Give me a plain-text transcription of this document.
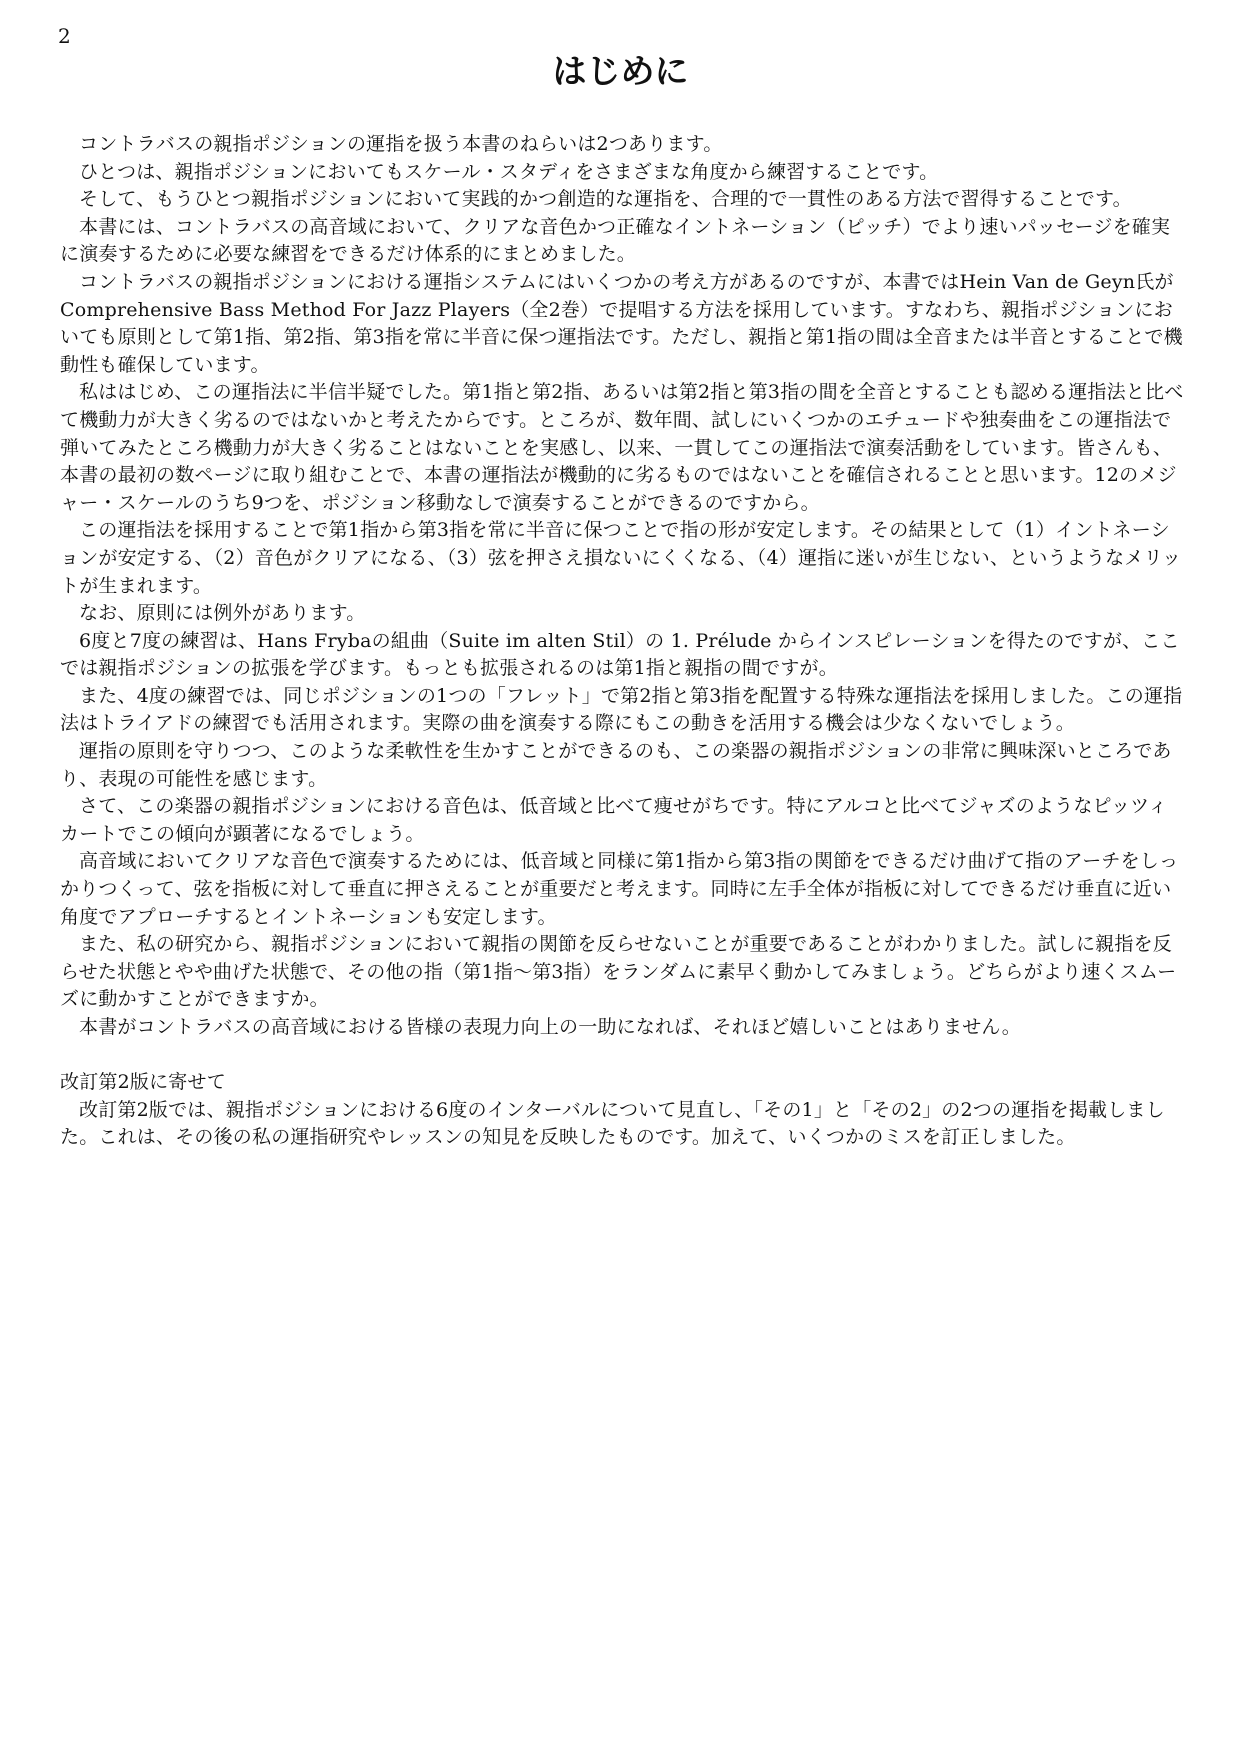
2
はじめに

コントラバスの親指ポジションの運指を扱う本書のねらいは2つあります。

ひとつは、親指ポジションにおいてもスケール・スタディをさまざまな角度から練習することです。

そして、もうひとつ親指ポジションにおいて実践的かつ創造的な運指を、合理的で一貫性のある方法で習得することです。

本書には、コントラバスの高音域において、クリアな音色かつ正確なイントネーション（ピッチ）でより速いパッセージを確実に演奏するために必要な練習をできるだけ体系的にまとめました。

コントラバスの親指ポジションにおける運指システムにはいくつかの考え方があるのですが、本書ではHein Van de Geyn氏が Comprehensive Bass Method For Jazz Players（全2巻）で提唱する方法を採用しています。すなわち、親指ポジションにおいても原則として第1指、第2指、第3指を常に半音に保つ運指法です。ただし、親指と第1指の間は全音または半音とすることで機動性も確保しています。

私ははじめ、この運指法に半信半疑でした。第1指と第2指、あるいは第2指と第3指の間を全音とすることも認める運指法と比べて機動力が大きく劣るのではないかと考えたからです。ところが、数年間、試しにいくつかのエチュードや独奏曲をこの運指法で弾いてみたところ機動力が大きく劣ることはないことを実感し、以来、一貫してこの運指法で演奏活動をしています。皆さんも、本書の最初の数ページに取り組むことで、本書の運指法が機動的に劣るものではないことを確信されることと思います。12のメジャー・スケールのうち9つを、ポジション移動なしで演奏することができるのですから。

この運指法を採用することで第1指から第3指を常に半音に保つことで指の形が安定します。その結果として（1）イントネーションが安定する、（2）音色がクリアになる、（3）弦を押さえ損ないにくくなる、（4）運指に迷いが生じない、というようなメリットが生まれます。

なお、原則には例外があります。

6度と7度の練習は、Hans Frybaの組曲（Suite im alten Stil）の 1. Prélude からインスピレーションを得たのですが、ここでは親指ポジションの拡張を学びます。もっとも拡張されるのは第1指と親指の間ですが。

また、4度の練習では、同じポジションの1つの「フレット」で第2指と第3指を配置する特殊な運指法を採用しました。この運指法はトライアドの練習でも活用されます。実際の曲を演奏する際にもこの動きを活用する機会は少なくないでしょう。

運指の原則を守りつつ、このような柔軟性を生かすことができるのも、この楽器の親指ポジションの非常に興味深いところであり、表現の可能性を感じます。

さて、この楽器の親指ポジションにおける音色は、低音域と比べて痩せがちです。特にアルコと比べてジャズのようなピッツィカートでこの傾向が顕著になるでしょう。

高音域においてクリアな音色で演奏するためには、低音域と同様に第1指から第3指の関節をできるだけ曲げて指のアーチをしっかりつくって、弦を指板に対して垂直に押さえることが重要だと考えます。同時に左手全体が指板に対してできるだけ垂直に近い角度でアプローチするとイントネーションも安定します。

また、私の研究から、親指ポジションにおいて親指の関節を反らせないことが重要であることがわかりました。試しに親指を反らせた状態とやや曲げた状態で、その他の指（第1指〜第3指）をランダムに素早く動かしてみましょう。どちらがより速くスムーズに動かすことができますか。

本書がコントラバスの高音域における皆様の表現力向上の一助になれば、それほど嬉しいことはありません。

改訂第2版に寄せて

改訂第2版では、親指ポジションにおける6度のインターバルについて見直し、「その1」と「その2」の2つの運指を掲載しました。これは、その後の私の運指研究やレッスンの知見を反映したものです。加えて、いくつかのミスを訂正しました。
